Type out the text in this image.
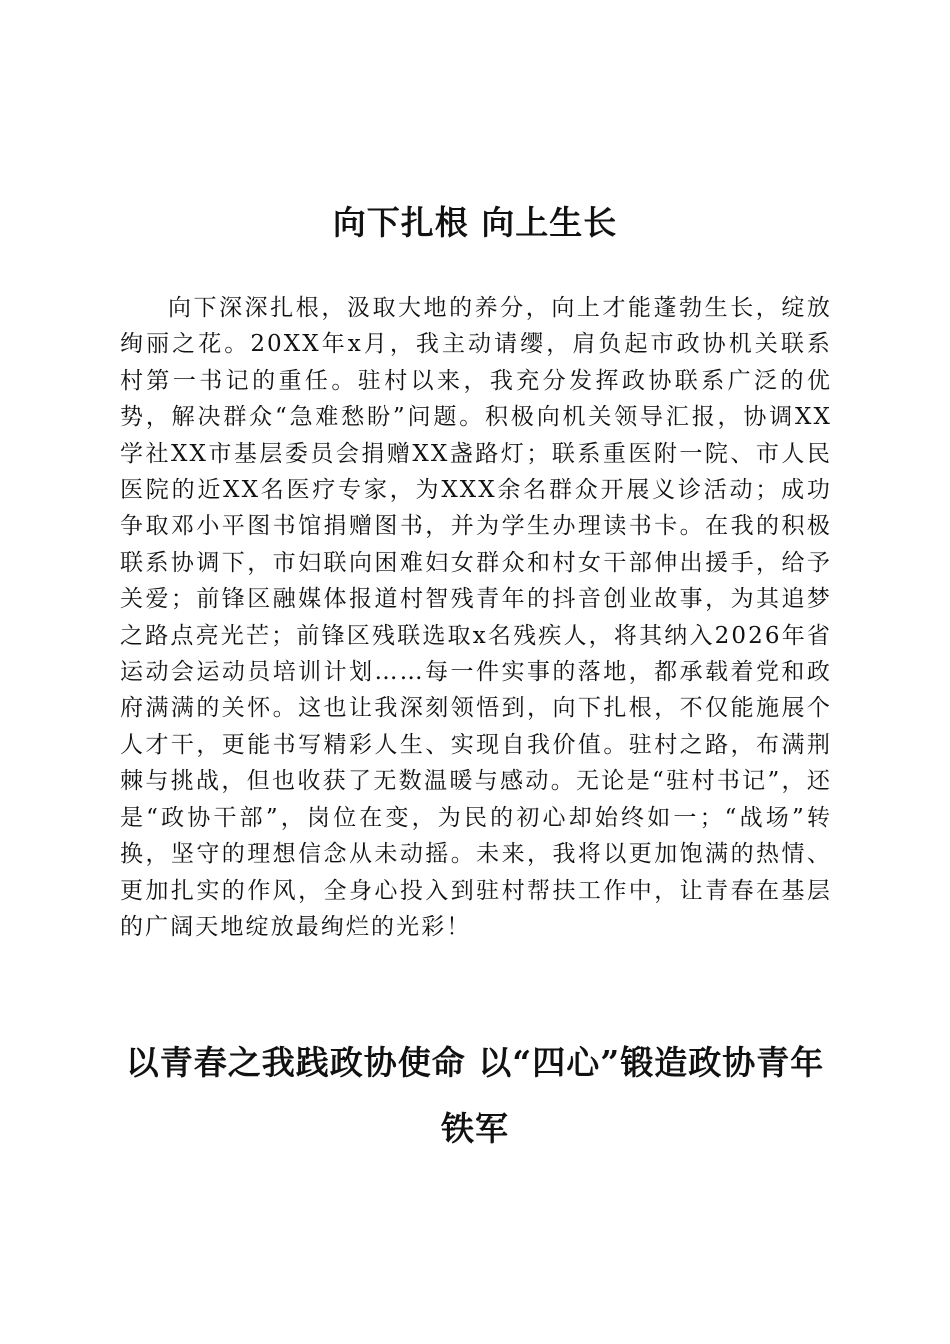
向下扎根 向上生长

向下深深扎根，汲取大地的养分，向上才能蓬勃生长，绽放绚丽之花。20XX年x月，我主动请缨，肩负起市政协机关联系村第一书记的重任。驻村以来，我充分发挥政协联系广泛的优势，解决群众“急难愁盼”问题。积极向机关领导汇报，协调XX学社XX市基层委员会捐赠XX盏路灯；联系重医附一院、市人民医院的近XX名医疗专家，为XXX余名群众开展义诊活动；成功争取邓小平图书馆捐赠图书，并为学生办理读书卡。在我的积极联系协调下，市妇联向困难妇女群众和村女干部伸出援手，给予关爱；前锋区融媒体报道村智残青年的抖音创业故事，为其追梦之路点亮光芒；前锋区残联选取x名残疾人，将其纳入2026年省运动会运动员培训计划……每一件实事的落地，都承载着党和政府满满的关怀。这也让我深刻领悟到，向下扎根，不仅能施展个人才干，更能书写精彩人生、实现自我价值。驻村之路，布满荆棘与挑战，但也收获了无数温暖与感动。无论是“驻村书记”，还是“政协干部”，岗位在变，为民的初心却始终如一；“战场”转换，坚守的理想信念从未动摇。未来，我将以更加饱满的热情、更加扎实的作风，全身心投入到驻村帮扶工作中，让青春在基层的广阔天地绽放最绚烂的光彩！

以青春之我践政协使命 以“四心”锻造政协青年铁军
